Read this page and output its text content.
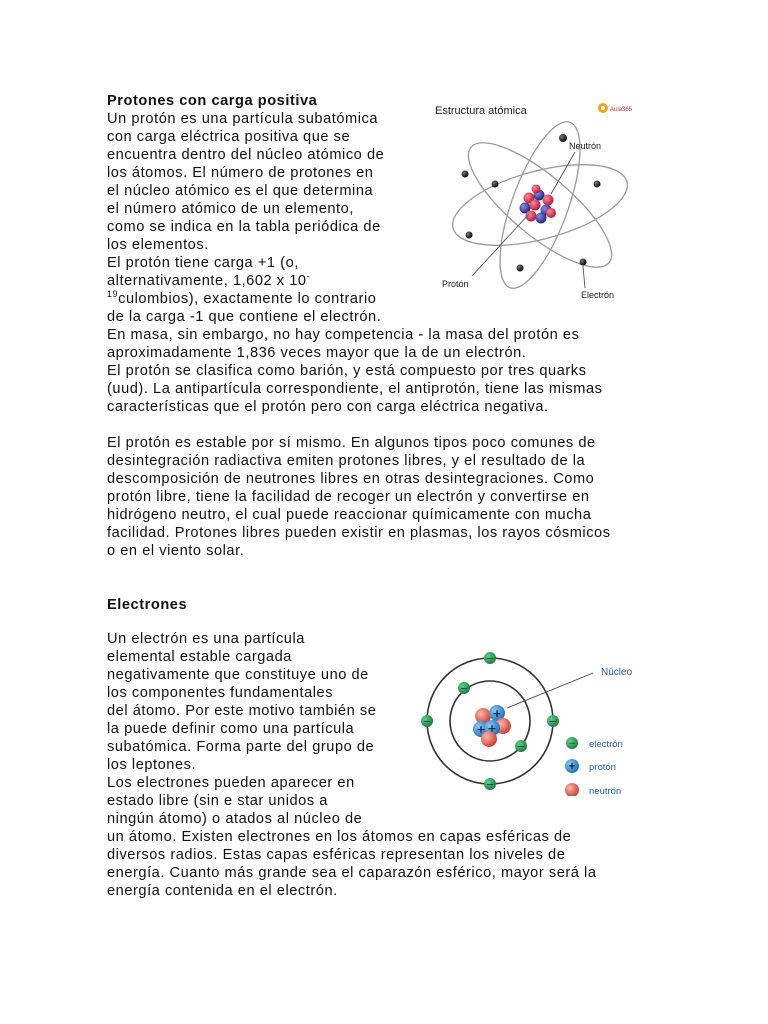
Protones con carga positiva
Un protón es una partícula subatómica
con carga eléctrica positiva que se
encuentra dentro del núcleo atómico de
los átomos. El número de protones en
el núcleo atómico es el que determina
el número atómico de un elemento,
como se indica en la tabla periódica de
los elementos.
El protón tiene carga +1 (o,
alternativamente, 1,602 x 10-
$^{19}$culombios), exactamente lo contrario
de la carga -1 que contiene el electrón.
En masa, sin embargo, no hay competencia - la masa del protón es
aproximadamente 1,836 veces mayor que la de un electrón.
El protón se clasifica como barión, y está compuesto por tres quarks
(uud). La antipartícula correspondiente, el antiprotón, tiene las mismas
características que el protón pero con carga eléctrica negativa.
El protón es estable por sí mismo. En algunos tipos poco comunes de
desintegración radiactiva emiten protones libres, y el resultado de la
descomposición de neutrones libres en otras desintegraciones. Como
protón libre, tiene la facilidad de recoger un electrón y convertirse en
hidrógeno neutro, el cual puede reaccionar químicamente con mucha
facilidad. Protones libres pueden existir en plasmas, los rayos cósmicos
o en el viento solar.
Electrones
Un electrón es una partícula
elemental estable cargada
negativamente que constituye uno de
los componentes fundamentales
del átomo. Por este motivo también se
la puede definir como una partícula
subatómica. Forma parte del grupo de
los leptones.
Los electrones pueden aparecer en
estado libre (sin e star unidos a
ningún átomo) o atados al núcleo de
un átomo. Existen electrones en los átomos en capas esféricas de
diversos radios. Estas capas esféricas representan los niveles de
energía. Cuanto más grande sea el caparazón esférico, mayor será la
energía contenida en el electrón.
Estructura atómica	Aula365
Neutrón
Protón
Electrón
+
+ +
−
−	−
−
−
−
Núcleo
− electrón
+ protón
neutrón
